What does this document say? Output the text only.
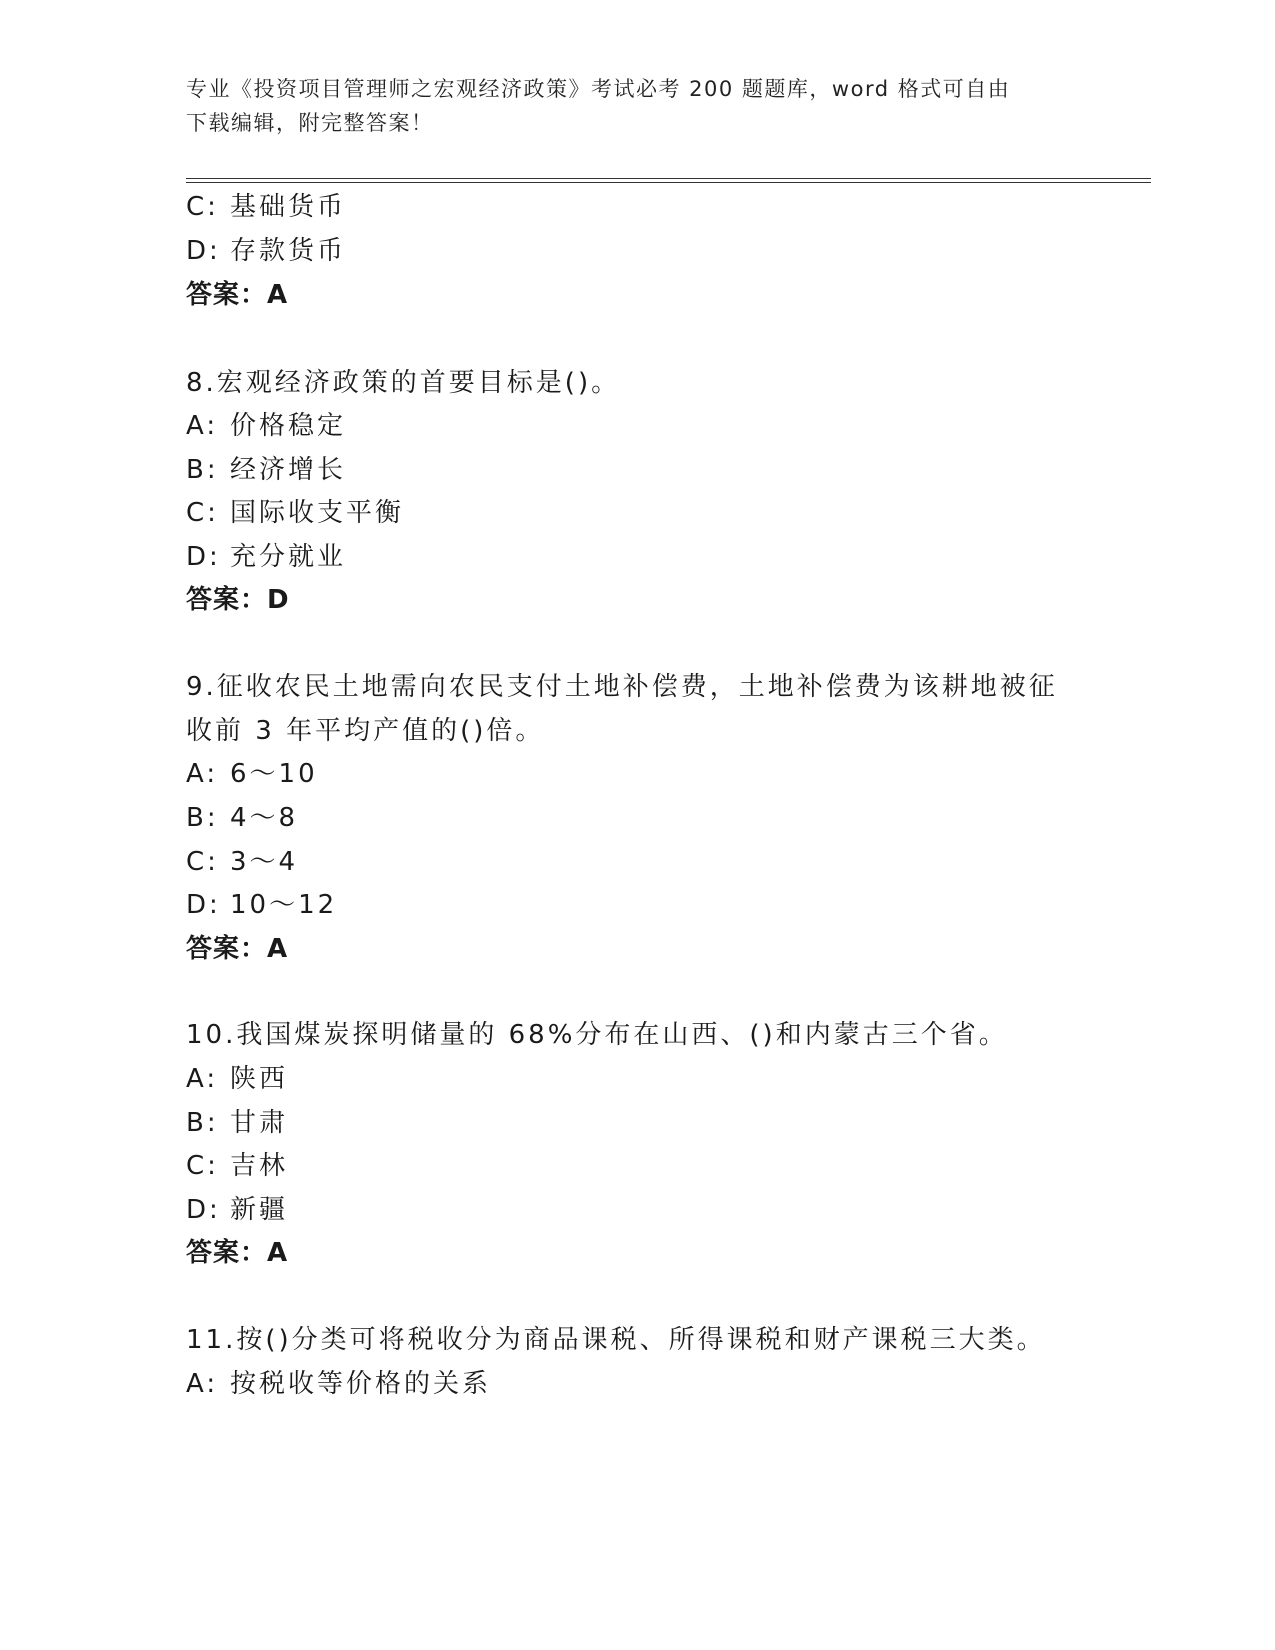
专业《投资项目管理师之宏观经济政策》考试必考 200 题题库，word 格式可自由
下载编辑，附完整答案！
C: 基础货币
D: 存款货币
答案：A
8.宏观经济政策的首要目标是()。
A: 价格稳定
B: 经济增长
C: 国际收支平衡
D: 充分就业
答案：D
9.征收农民土地需向农民支付土地补偿费，土地补偿费为该耕地被征
收前 3 年平均产值的()倍。
A: 6～10
B: 4～8
C: 3～4
D: 10～12
答案：A
10.我国煤炭探明储量的 68%分布在山西、()和内蒙古三个省。
A: 陕西
B: 甘肃
C: 吉林
D: 新疆
答案：A
11.按()分类可将税收分为商品课税、所得课税和财产课税三大类。
A: 按税收等价格的关系
